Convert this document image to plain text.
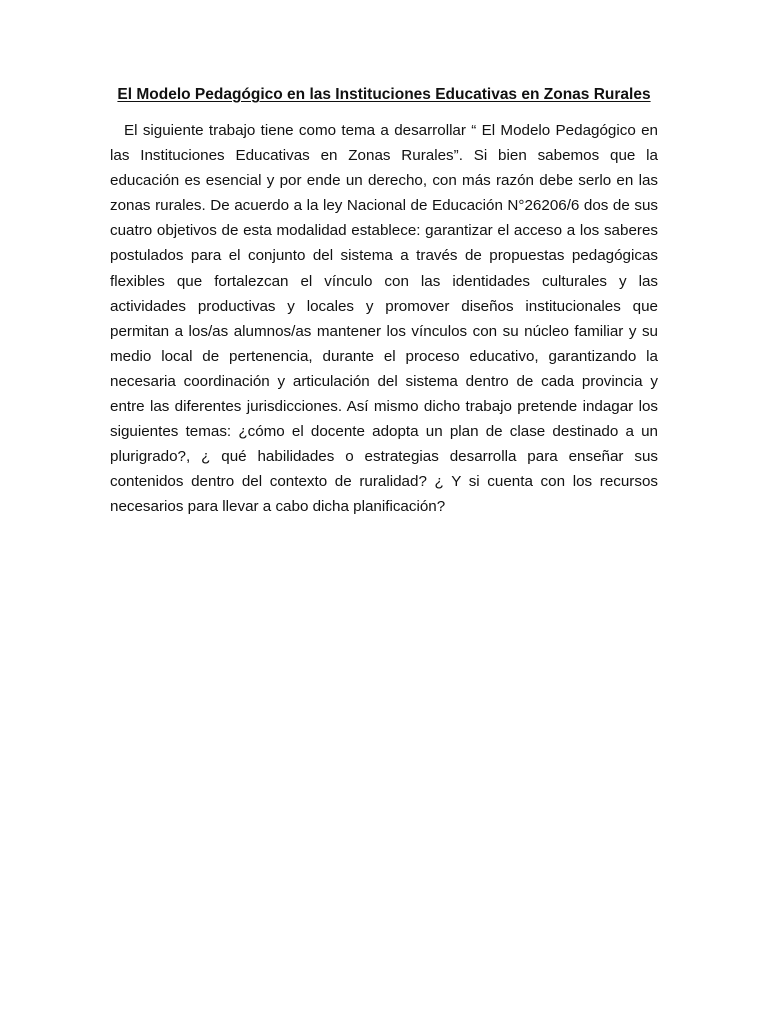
El Modelo Pedagógico en las Instituciones Educativas en Zonas Rurales

El siguiente trabajo tiene como tema a desarrollar “ El Modelo Pedagógico en las Instituciones Educativas en Zonas Rurales”. Si bien sabemos que la educación es esencial y por ende un derecho, con más razón debe serlo en las zonas rurales. De acuerdo a la ley Nacional de Educación N°26206/6 dos de sus cuatro objetivos de esta modalidad establece: garantizar el acceso a los saberes postulados para el conjunto del sistema a través de propuestas pedagógicas flexibles que fortalezcan el vínculo con las identidades culturales y las actividades productivas y locales y promover diseños institucionales que permitan a los/as alumnos/as mantener los vínculos con su núcleo familiar y su medio local de pertenencia, durante el proceso educativo, garantizando la necesaria coordinación y articulación del sistema dentro de cada provincia y entre las diferentes jurisdicciones. Así mismo dicho trabajo pretende indagar los siguientes temas: ¿cómo el docente adopta un plan de clase destinado a un plurigrado?, ¿ qué habilidades o estrategias desarrolla para enseñar sus contenidos dentro del contexto de ruralidad? ¿ Y si cuenta con los recursos necesarios para llevar a cabo dicha planificación?
